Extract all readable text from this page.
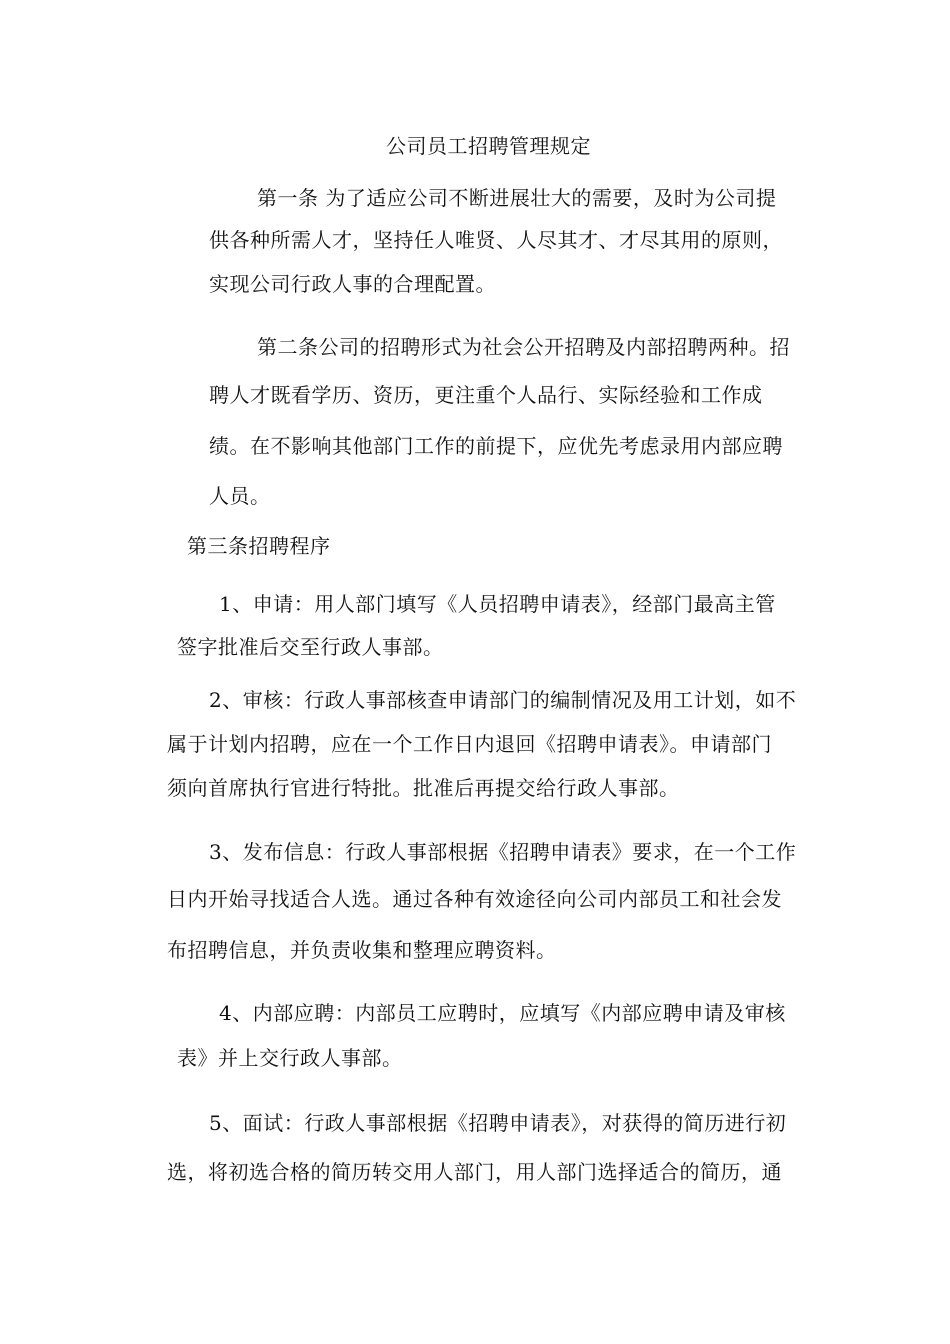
公司员工招聘管理规定
第一条 为了适应公司不断进展壮大的需要，及时为公司提
供各种所需人才，坚持任人唯贤、人尽其才、才尽其用的原则，
实现公司行政人事的合理配置。
第二条公司的招聘形式为社会公开招聘及内部招聘两种。招
聘人才既看学历、资历，更注重个人品行、实际经验和工作成
绩。在不影响其他部门工作的前提下，应优先考虑录用内部应聘
人员。
第三条招聘程序
1、申请：用人部门填写《人员招聘申请表》，经部门最高主管
签字批准后交至行政人事部。
2、审核：行政人事部核查申请部门的编制情况及用工计划，如不
属于计划内招聘，应在一个工作日内退回《招聘申请表》。申请部门
须向首席执行官进行特批。批准后再提交给行政人事部。
3、发布信息：行政人事部根据《招聘申请表》要求，在一个工作
日内开始寻找适合人选。通过各种有效途径向公司内部员工和社会发
布招聘信息，并负责收集和整理应聘资料。
4、内部应聘：内部员工应聘时，应填写《内部应聘申请及审核
表》并上交行政人事部。
5、面试：行政人事部根据《招聘申请表》，对获得的简历进行初
选，将初选合格的简历转交用人部门，用人部门选择适合的简历，通
